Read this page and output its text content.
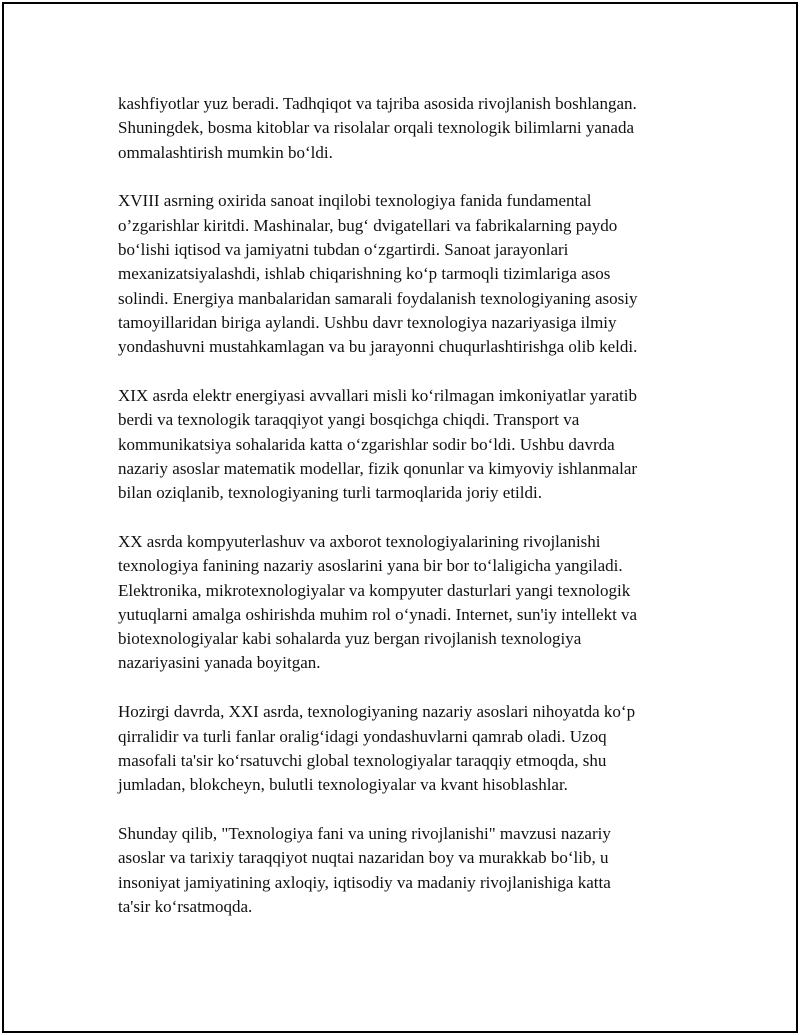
kashfiyotlar yuz beradi. Tadhqiqot va tajriba asosida rivojlanish boshlangan.
Shuningdek, bosma kitoblar va risolalar orqali texnologik bilimlarni yanada
ommalashtirish mumkin bo‘ldi.

XVIII asrning oxirida sanoat inqilobi texnologiya fanida fundamental
o’zgarishlar kiritdi. Mashinalar, bug‘ dvigatellari va fabrikalarning paydo
bo‘lishi iqtisod va jamiyatni tubdan o‘zgartirdi. Sanoat jarayonlari
mexanizatsiyalashdi, ishlab chiqarishning ko‘p tarmoqli tizimlariga asos
solindi. Energiya manbalaridan samarali foydalanish texnologiyaning asosiy
tamoyillaridan biriga aylandi. Ushbu davr texnologiya nazariyasiga ilmiy
yondashuvni mustahkamlagan va bu jarayonni chuqurlashtirishga olib keldi.

XIX asrda elektr energiyasi avvallari misli ko‘rilmagan imkoniyatlar yaratib
berdi va texnologik taraqqiyot yangi bosqichga chiqdi. Transport va
kommunikatsiya sohalarida katta o‘zgarishlar sodir bo‘ldi. Ushbu davrda
nazariy asoslar matematik modellar, fizik qonunlar va kimyoviy ishlanmalar
bilan oziqlanib, texnologiyaning turli tarmoqlarida joriy etildi.

XX asrda kompyuterlashuv va axborot texnologiyalarining rivojlanishi
texnologiya fanining nazariy asoslarini yana bir bor to‘laligicha yangiladi.
Elektronika, mikrotexnologiyalar va kompyuter dasturlari yangi texnologik
yutuqlarni amalga oshirishda muhim rol o‘ynadi. Internet, sun'iy intellekt va
biotexnologiyalar kabi sohalarda yuz bergan rivojlanish texnologiya
nazariyasini yanada boyitgan.

Hozirgi davrda, XXI asrda, texnologiyaning nazariy asoslari nihoyatda ko‘p
qirralidir va turli fanlar oralig‘idagi yondashuvlarni qamrab oladi. Uzoq
masofali ta'sir ko‘rsatuvchi global texnologiyalar taraqqiy etmoqda, shu
jumladan, blokcheyn, bulutli texnologiyalar va kvant hisoblashlar.

Shunday qilib, "Texnologiya fani va uning rivojlanishi" mavzusi nazariy
asoslar va tarixiy taraqqiyot nuqtai nazaridan boy va murakkab bo‘lib, u
insoniyat jamiyatining axloqiy, iqtisodiy va madaniy rivojlanishiga katta
ta'sir ko‘rsatmoqda.
